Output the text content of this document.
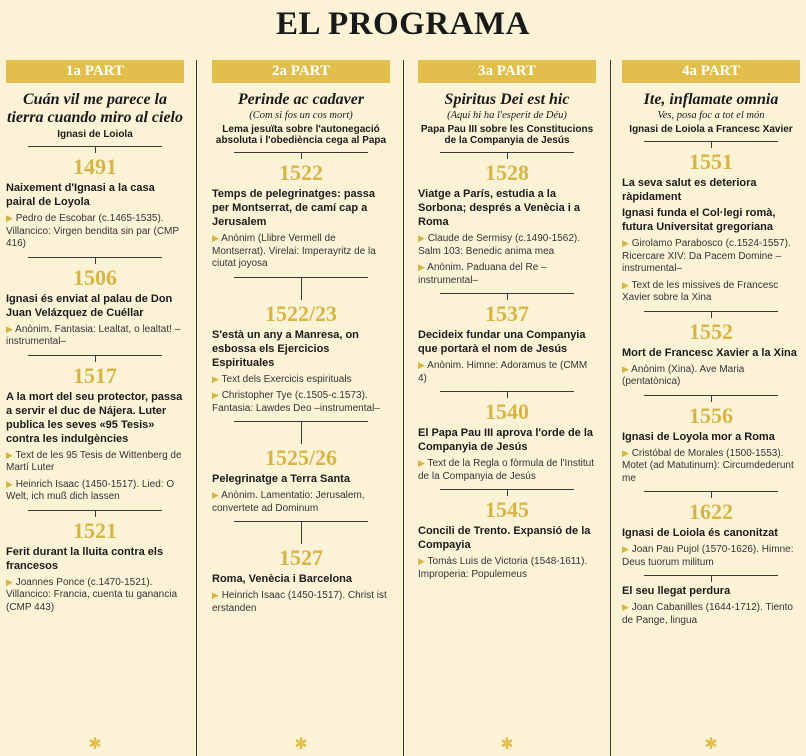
EL PROGRAMA
1a PART
Cuán vil me parece la tierra cuando miro al cielo
Ignasi de Loiola
1491
Naixement d'Ignasi a la casa pairal de Loyola
▶ Pedro de Escobar (c.1465-1535). Villancico: Virgen bendita sin par (CMP 416)
1506
Ignasi és enviat al palau de Don Juan Velázquez de Cuéllar
▶ Anònim. Fantasia: Lealtat, o lealtat! –instrumental–
1517
A la mort del seu protector, passa a servir el duc de Nájera. Luter publica les seves «95 Tesis» contra les indulgències
▶ Text de les 95 Tesis de Wittenberg de Martí Luter
▶ Heinrich Isaac (1450-1517). Lied: O Welt, ich muß dich lassen
1521
Ferit durant la lluita contra els francesos
▶ Joannes Ponce (c.1470-1521). Villancico: Francia, cuenta tu ganancia (CMP 443)
✱
2a PART
Perinde ac cadaver
(Com si fos un cos mort)
Lema jesuïta sobre l'autonegació absoluta i l'obediència cega al Papa
1522
Temps de pelegrinatges: passa per Montserrat, de camí cap a Jerusalem
▶ Anònim (Llibre Vermell de Montserrat). Virelai: Imperayritz de la ciutat joyosa
1522/23
S'està un any a Manresa, on esbossa els Ejercicios Espirituales
▶ Text dels Exercicis espirituals
▶ Christopher Tye (c.1505-c.1573). Fantasia: Lawdes Deo –instrumental–
1525/26
Pelegrinatge a Terra Santa
▶ Anònim. Lamentatio: Jerusalem, convertete ad Dominum
1527
Roma, Venècia i Barcelona
▶ Heinrich Isaac (1450-1517). Christ ist erstanden
✱
3a PART
Spiritus Dei est hic
(Aquí hi ha l'esperit de Déu)
Papa Pau III sobre les Constitucions de la Companyia de Jesús
1528
Viatge a París, estudia a la Sorbona; després a Venècia i a Roma
▶ Claude de Sermisy (c.1490-1562). Salm 103: Benedic anima mea
▶ Anònim. Paduana del Re –instrumental–
1537
Decideix fundar una Companyia que portarà el nom de Jesús
▶ Anònim. Himne: Adoramus te (CMM 4)
1540
El Papa Pau III aprova l'orde de la Companyia de Jesús
▶ Text de la Regla o fòrmula de l'Institut de la Companyia de Jesús
1545
Concili de Trento. Expansió de la Compayia
▶ Tomás Luis de Victoria (1548-1611). Improperia: Populemeus
✱
4a PART
Ite, inflamate omnia
Ves, posa foc a tot el món
Ignasi de Loiola a Francesc Xavier
1551
La seva salut es deteriora ràpidament
Ignasi funda el Col·legi romà, futura Universitat gregoriana
▶ Girolamo Parabosco (c.1524-1557). Ricercare XIV: Da Pacem Domine –instrumental–
▶ Text de les missives de Francesc Xavier sobre la Xina
1552
Mort de Francesc Xavier a la Xina
▶ Anònim (Xina). Ave Maria (pentatònica)
1556
Ignasi de Loyola mor a Roma
▶ Cristóbal de Morales (1500-1553). Motet (ad Matutinum): Circumdederunt me
1622
Ignasi de Loiola és canonitzat
▶ Joan Pau Pujol (1570-1626). Himne: Deus tuorum militum
El seu llegat perdura
▶ Joan Cabanilles (1644-1712). Tiento de Pange, lingua
✱
